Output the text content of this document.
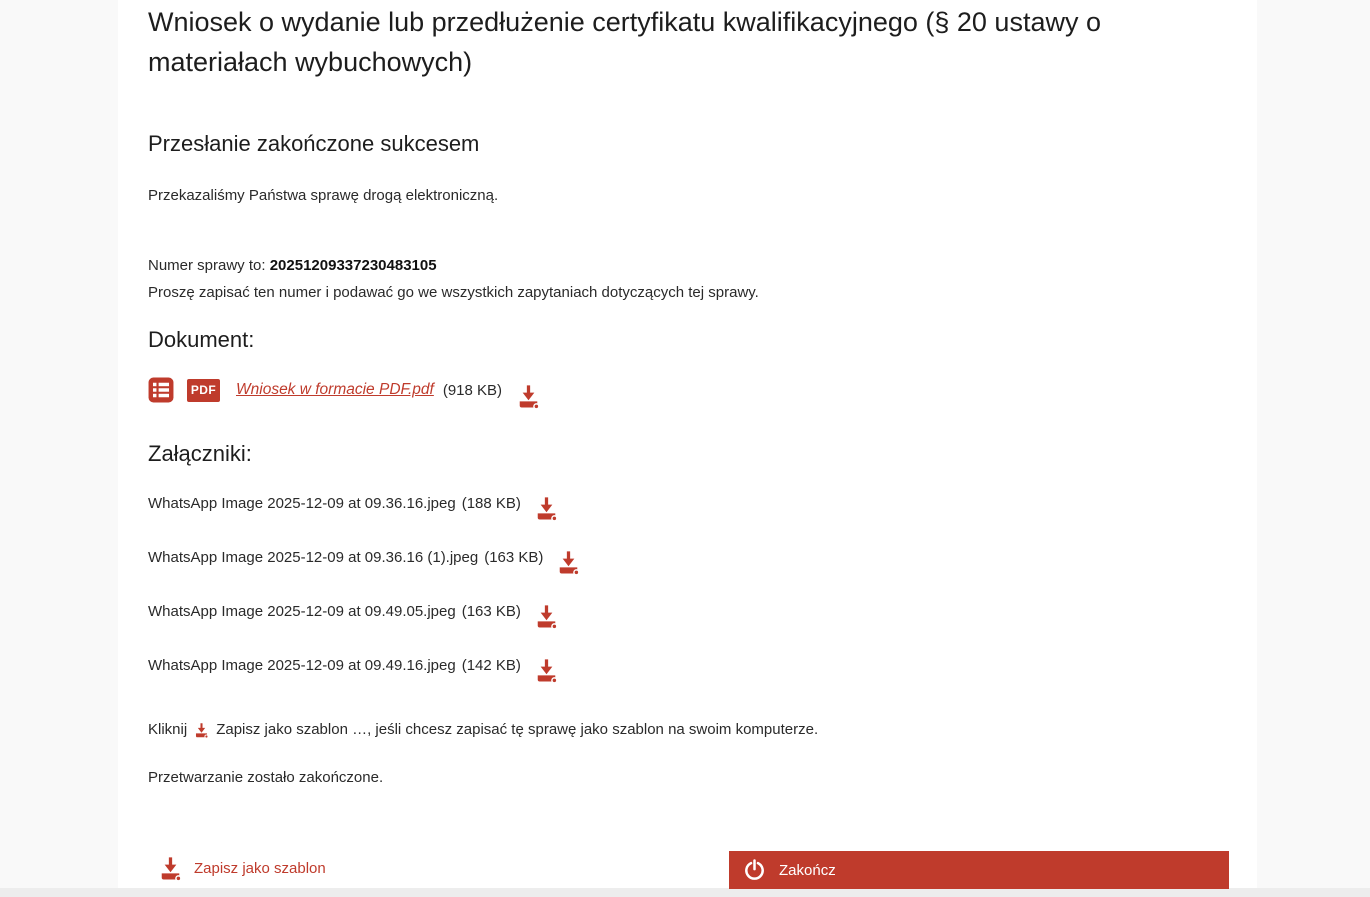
Wniosek o wydanie lub przedłużenie certyfikatu kwalifikacyjnego (§ 20 ustawy o materiałach wybuchowych)
Przesłanie zakończone sukcesem

Przekazaliśmy Państwa sprawę drogą elektroniczną.

Numer sprawy to: 20251209337230483105

Proszę zapisać ten numer i podawać go we wszystkich zapytaniach dotyczących tej sprawy.

Dokument:
PDF Wniosek w formacie PDF.pdf (918 KB)
Załączniki:
WhatsApp Image 2025-12-09 at 09.36.16.jpeg (188 KB)
WhatsApp Image 2025-12-09 at 09.36.16 (1).jpeg (163 KB)
WhatsApp Image 2025-12-09 at 09.49.05.jpeg (163 KB)
WhatsApp Image 2025-12-09 at 09.49.16.jpeg (142 KB)

Kliknij Zapisz jako szablon …, jeśli chcesz zapisać tę sprawę jako szablon na swoim komputerze.

Przetwarzanie zostało zakończone.

Zapisz jako szablon	Zakończ
